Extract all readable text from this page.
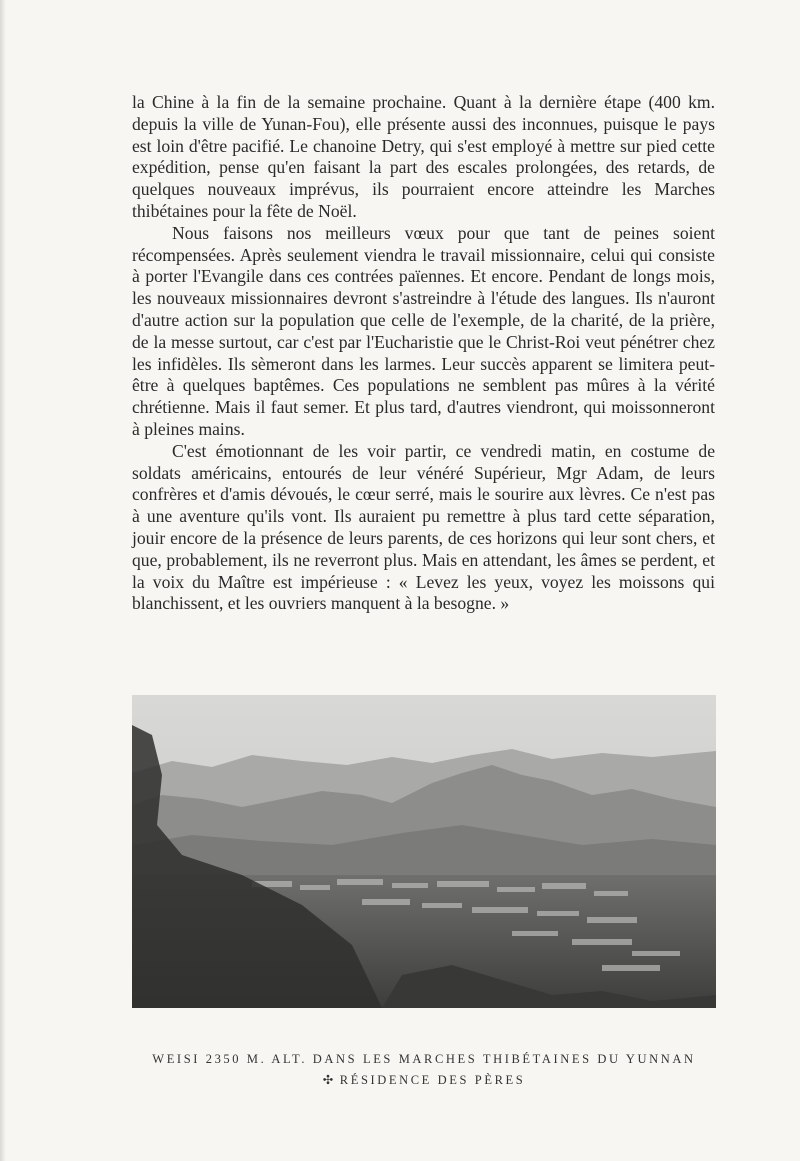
la Chine à la fin de la semaine prochaine. Quant à la dernière étape (400 km. depuis la ville de Yunan-Fou), elle présente aussi des inconnues, puisque le pays est loin d'être pacifié. Le chanoine Detry, qui s'est employé à mettre sur pied cette expédition, pense qu'en faisant la part des escales prolongées, des retards, de quelques nouveaux imprévus, ils pourraient encore atteindre les Marches thibétaines pour la fête de Noël.

Nous faisons nos meilleurs vœux pour que tant de peines soient récompensées. Après seulement viendra le travail missionnaire, celui qui consiste à porter l'Evangile dans ces contrées païennes. Et encore. Pendant de longs mois, les nouveaux missionnaires devront s'astreindre à l'étude des langues. Ils n'auront d'autre action sur la population que celle de l'exemple, de la charité, de la prière, de la messe surtout, car c'est par l'Eucharistie que le Christ-Roi veut pénétrer chez les infidèles. Ils sèmeront dans les larmes. Leur succès apparent se limitera peut-être à quelques baptêmes. Ces populations ne semblent pas mûres à la vérité chrétienne. Mais il faut semer. Et plus tard, d'autres viendront, qui moissonneront à pleines mains.

C'est émotionnant de les voir partir, ce vendredi matin, en costume de soldats américains, entourés de leur vénéré Supérieur, Mgr Adam, de leurs confrères et d'amis dévoués, le cœur serré, mais le sourire aux lèvres. Ce n'est pas à une aventure qu'ils vont. Ils auraient pu remettre à plus tard cette séparation, jouir encore de la présence de leurs parents, de ces horizons qui leur sont chers, et que, probablement, ils ne reverront plus. Mais en attendant, les âmes se perdent, et la voix du Maître est impérieuse : « Levez les yeux, voyez les moissons qui blanchissent, et les ouvriers manquent à la besogne. »

WEISI 2350 M. ALT. DANS LES MARCHES THIBÉTAINES DU YUNNAN
✣ RÉSIDENCE DES PÈRES
